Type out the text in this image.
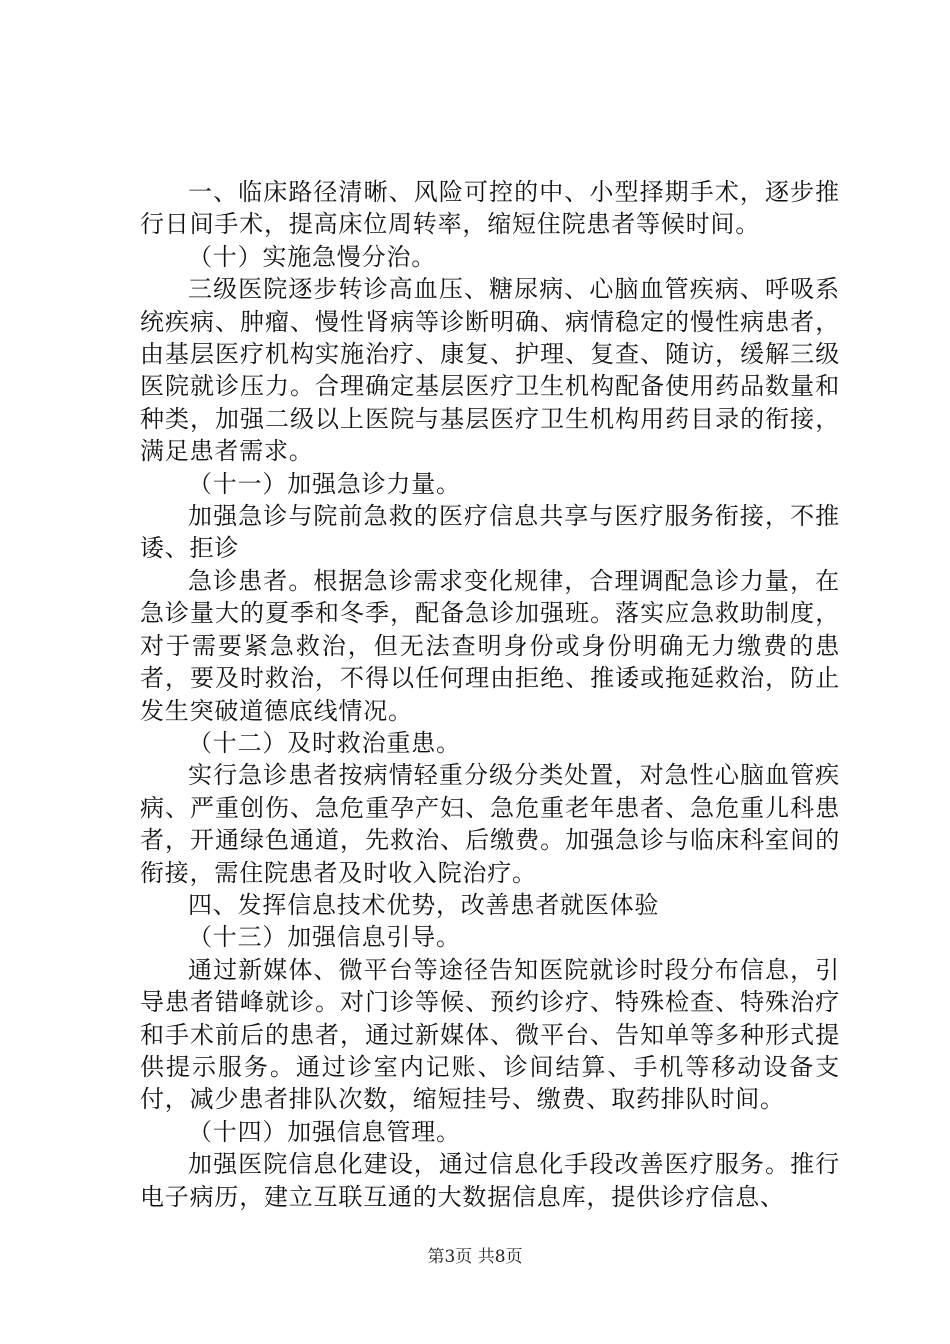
一、临床路径清晰、风险可控的中、小型择期手术，逐步推行日间手术，提高床位周转率，缩短住院患者等候时间。

（十）实施急慢分治。

三级医院逐步转诊高血压、糖尿病、心脑血管疾病、呼吸系统疾病、肿瘤、慢性肾病等诊断明确、病情稳定的慢性病患者，由基层医疗机构实施治疗、康复、护理、复查、随访，缓解三级医院就诊压力。合理确定基层医疗卫生机构配备使用药品数量和种类，加强二级以上医院与基层医疗卫生机构用药目录的衔接，满足患者需求。

（十一）加强急诊力量。

加强急诊与院前急救的医疗信息共享与医疗服务衔接，不推诿、拒诊

急诊患者。根据急诊需求变化规律，合理调配急诊力量，在急诊量大的夏季和冬季，配备急诊加强班。落实应急救助制度，对于需要紧急救治，但无法查明身份或身份明确无力缴费的患者，要及时救治，不得以任何理由拒绝、推诿或拖延救治，防止发生突破道德底线情况。

（十二）及时救治重患。

实行急诊患者按病情轻重分级分类处置，对急性心脑血管疾病、严重创伤、急危重孕产妇、急危重老年患者、急危重儿科患者，开通绿色通道，先救治、后缴费。加强急诊与临床科室间的衔接，需住院患者及时收入院治疗。

四、发挥信息技术优势，改善患者就医体验

（十三）加强信息引导。

通过新媒体、微平台等途径告知医院就诊时段分布信息，引导患者错峰就诊。对门诊等候、预约诊疗、特殊检查、特殊治疗和手术前后的患者，通过新媒体、微平台、告知单等多种形式提供提示服务。通过诊室内记账、诊间结算、手机等移动设备支付，减少患者排队次数，缩短挂号、缴费、取药排队时间。

（十四）加强信息管理。

加强医院信息化建设，通过信息化手段改善医疗服务。推行电子病历，建立互联互通的大数据信息库，提供诊疗信息、

第3页 共8页
